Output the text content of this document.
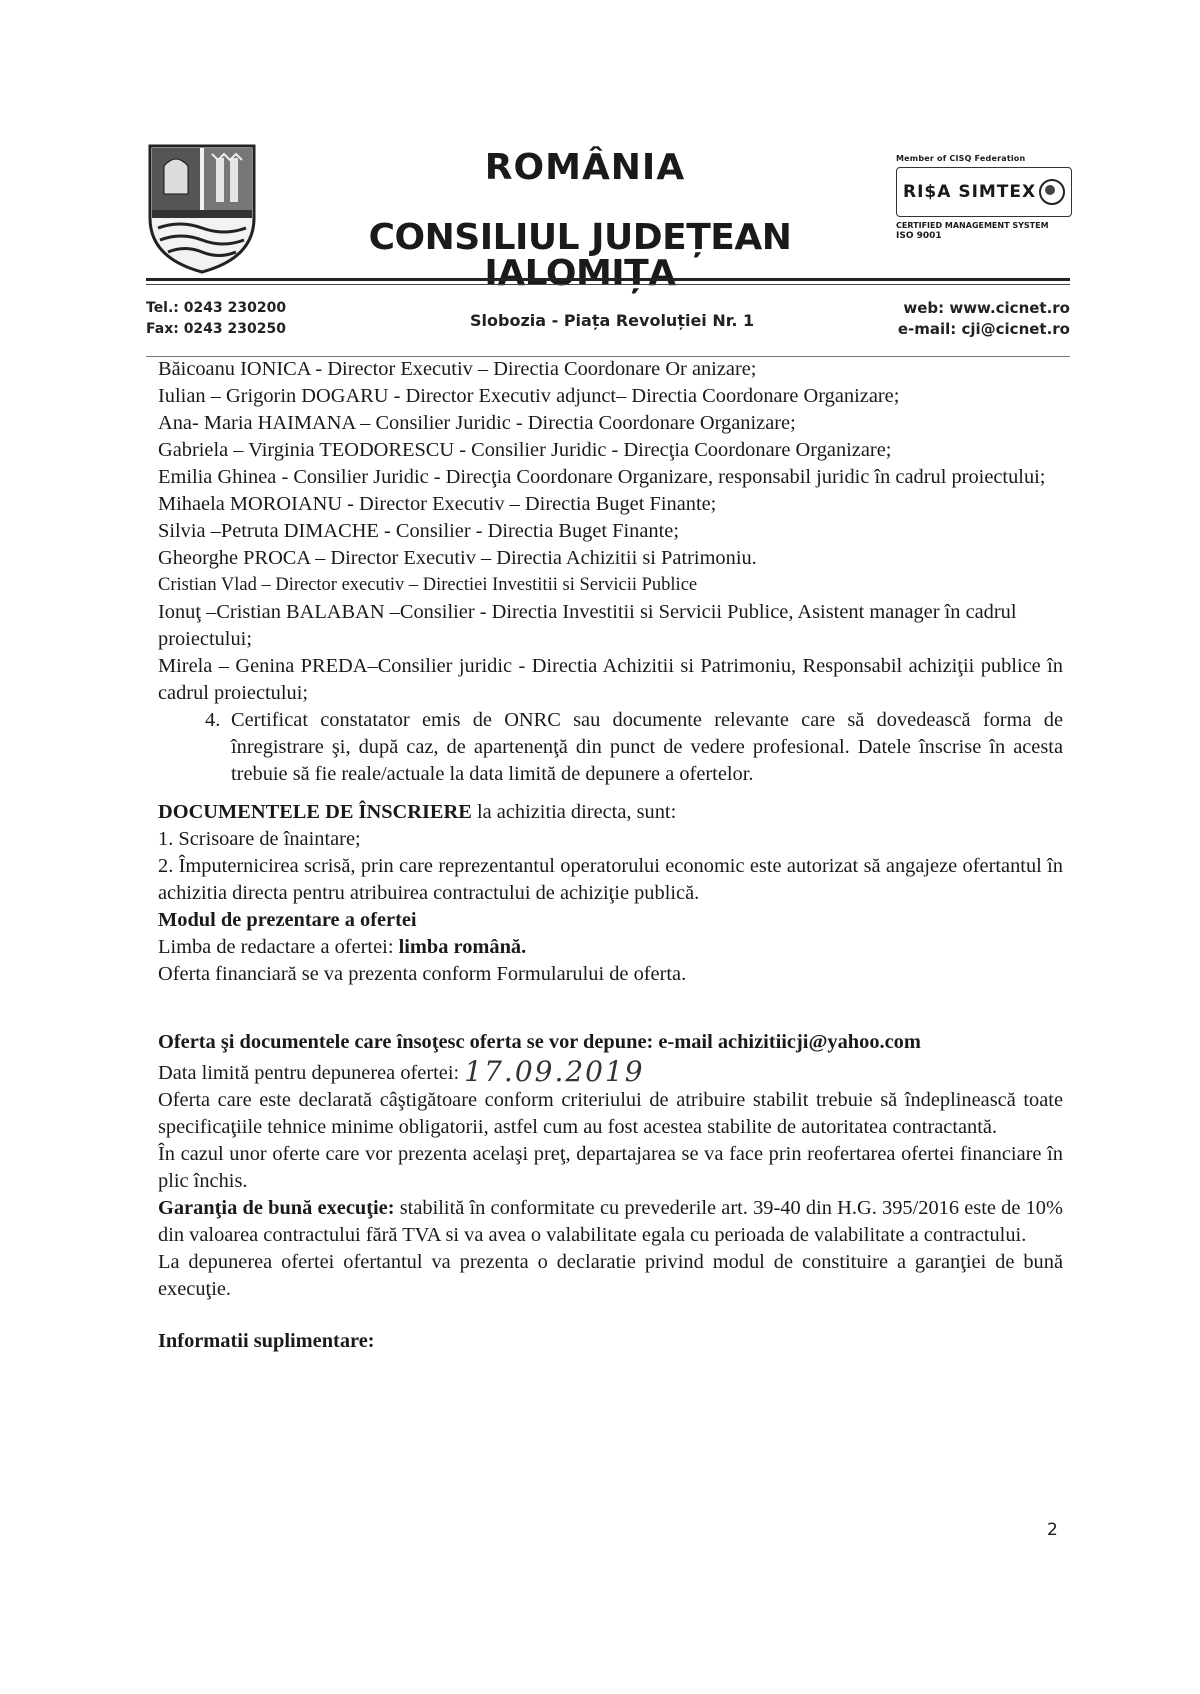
ROMÂNIA
CONSILIUL JUDEȚEAN IALOMIȚA
Member of CISQ Federation
RI$A SIMTEX
CERTIFIED MANAGEMENT SYSTEM
ISO 9001
Tel.: 0243 230200
Fax: 0243 230250	Slobozia - Piața Revoluției Nr. 1
web: www.cicnet.ro
e-mail: cji@cicnet.ro

Băicoanu IONICA - Director Executiv – Directia Coordonare Or anizare;

Iulian – Grigorin DOGARU - Director Executiv adjunct– Directia Coordonare Organizare;

Ana- Maria HAIMANA – Consilier Juridic - Directia Coordonare Organizare;

Gabriela – Virginia TEODORESCU - Consilier Juridic - Direcţia Coordonare Organizare;

Emilia Ghinea - Consilier Juridic - Direcţia Coordonare Organizare, responsabil juridic în cadrul proiectului;

Mihaela MOROIANU - Director Executiv – Directia Buget Finante;

Silvia –Petruta DIMACHE - Consilier - Directia Buget Finante;

Gheorghe PROCA – Director Executiv – Directia Achizitii si Patrimoniu.

Cristian Vlad – Director executiv – Directiei Investitii si Servicii Publice

Ionuţ –Cristian BALABAN –Consilier - Directia Investitii si Servicii Publice, Asistent manager în cadrul proiectului;

Mirela – Genina PREDA–Consilier juridic - Directia Achizitii si Patrimoniu, Responsabil achiziţii publice în cadrul proiectului;

4. Certificat constatator emis de ONRC sau documente relevante care să dovedească forma de înregistrare şi, după caz, de apartenenţă din punct de vedere profesional. Datele înscrise în acesta trebuie să fie reale/actuale la data limită de depunere a ofertelor.

DOCUMENTELE DE ÎNSCRIERE la achizitia directa, sunt:

1. Scrisoare de înaintare;

2. Împuternicirea scrisă, prin care reprezentantul operatorului economic este autorizat să angajeze ofertantul în achizitia directa pentru atribuirea contractului de achiziţie publică.

Modul de prezentare a ofertei

Limba de redactare a ofertei: limba română.

Oferta financiară se va prezenta conform Formularului de oferta.

Oferta şi documentele care însoţesc oferta se vor depune: e-mail achizitiicji@yahoo.com

Data limită pentru depunerea ofertei: 17.09.2019

Oferta care este declarată câştigătoare conform criteriului de atribuire stabilit trebuie să îndeplinească toate specificaţiile tehnice minime obligatorii, astfel cum au fost acestea stabilite de autoritatea contractantă.

În cazul unor oferte care vor prezenta acelaşi preţ, departajarea se va face prin reofertarea ofertei financiare în plic închis.

Garanţia de bună execuţie: stabilită în conformitate cu prevederile art. 39-40 din H.G. 395/2016 este de 10% din valoarea contractului fără TVA si va avea o valabilitate egala cu perioada de valabilitate a contractului.

La depunerea ofertei ofertantul va prezenta o declaratie privind modul de constituire a garanţiei de bună execuţie.

Informatii suplimentare:

2
